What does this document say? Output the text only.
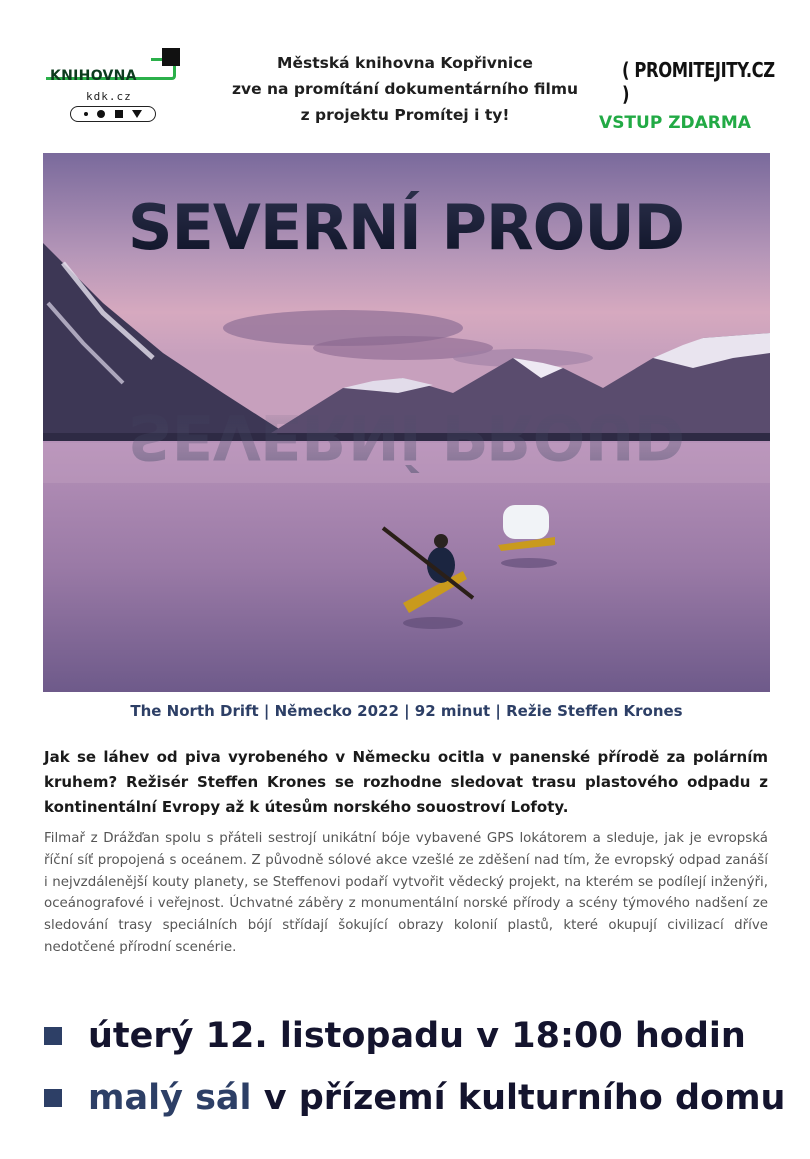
KNIHOVNA
kdk.cz
Městská knihovna Kopřivnice
zve na promítání dokumentárního filmu
z projektu Promítej i ty!
( PROMITEJITY.CZ )
VSTUP ZDARMA
SEVERNÍ PROUD
SEVERNÍ PROUD
The North Drift | Německo 2022 | 92 minut | Režie Steffen Krones
Jak se láhev od piva vyrobeného v Německu ocitla v panenské přírodě za polárním kruhem? Režisér Steffen Krones se rozhodne sledovat trasu plastového odpadu z kontinentální Evropy až k útesům norského souostroví Lofoty.
Filmař z Drážďan spolu s přáteli sestrojí unikátní bóje vybavené GPS lokátorem a sleduje, jak je evropská říční síť propojená s oceánem. Z původně sólové akce vzešlé ze zděšení nad tím, že evropský odpad zanáší i nejvzdálenější kouty planety, se Steffenovi podaří vytvořit vědecký projekt, na kterém se podílejí inženýři, oceánografové i veřejnost. Úchvatné záběry z monumentální norské přírody a scény týmového nadšení ze sledování trasy speciálních bójí střídají šokující obrazy kolonií plastů, které okupují civilizací dříve nedotčené přírodní scenérie.
úterý 12. listopadu v 18:00 hodin
malý sál
v přízemí kulturního domu
